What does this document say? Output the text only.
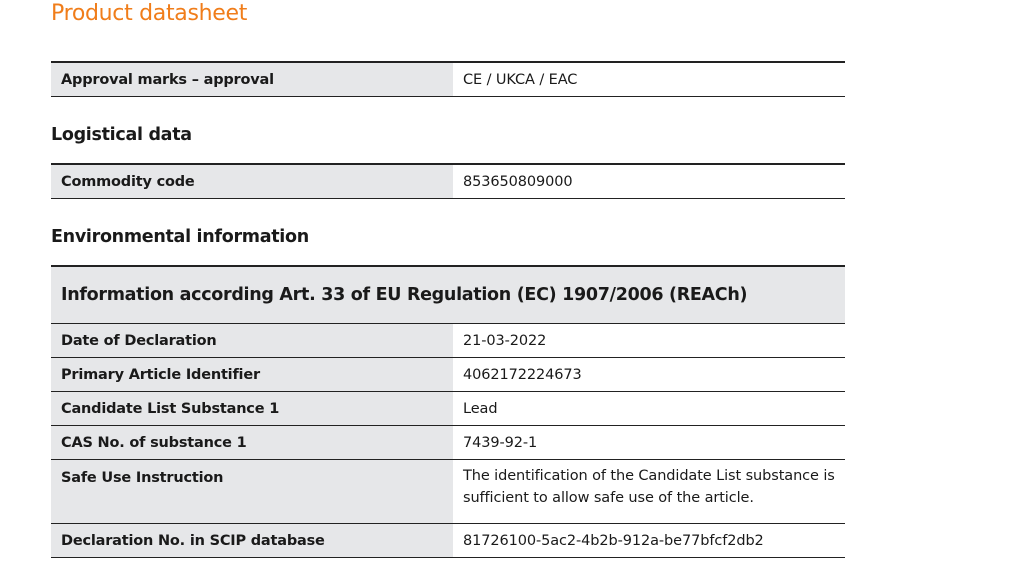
Product datasheet
Approval marks – approval	CE / UKCA / EAC
Logistical data
Commodity code	853650809000
Environmental information
Information according Art. 33 of EU Regulation (EC) 1907/2006 (REACh)	
Date of Declaration	21-03-2022
Primary Article Identifier	4062172224673
Candidate List Substance 1	Lead
CAS No. of substance 1	7439-92-1
Safe Use Instruction	The identification of the Candidate List substance is sufficient to allow safe use of the article.
Declaration No. in SCIP database	81726100-5ac2-4b2b-912a-be77bfcf2db2
